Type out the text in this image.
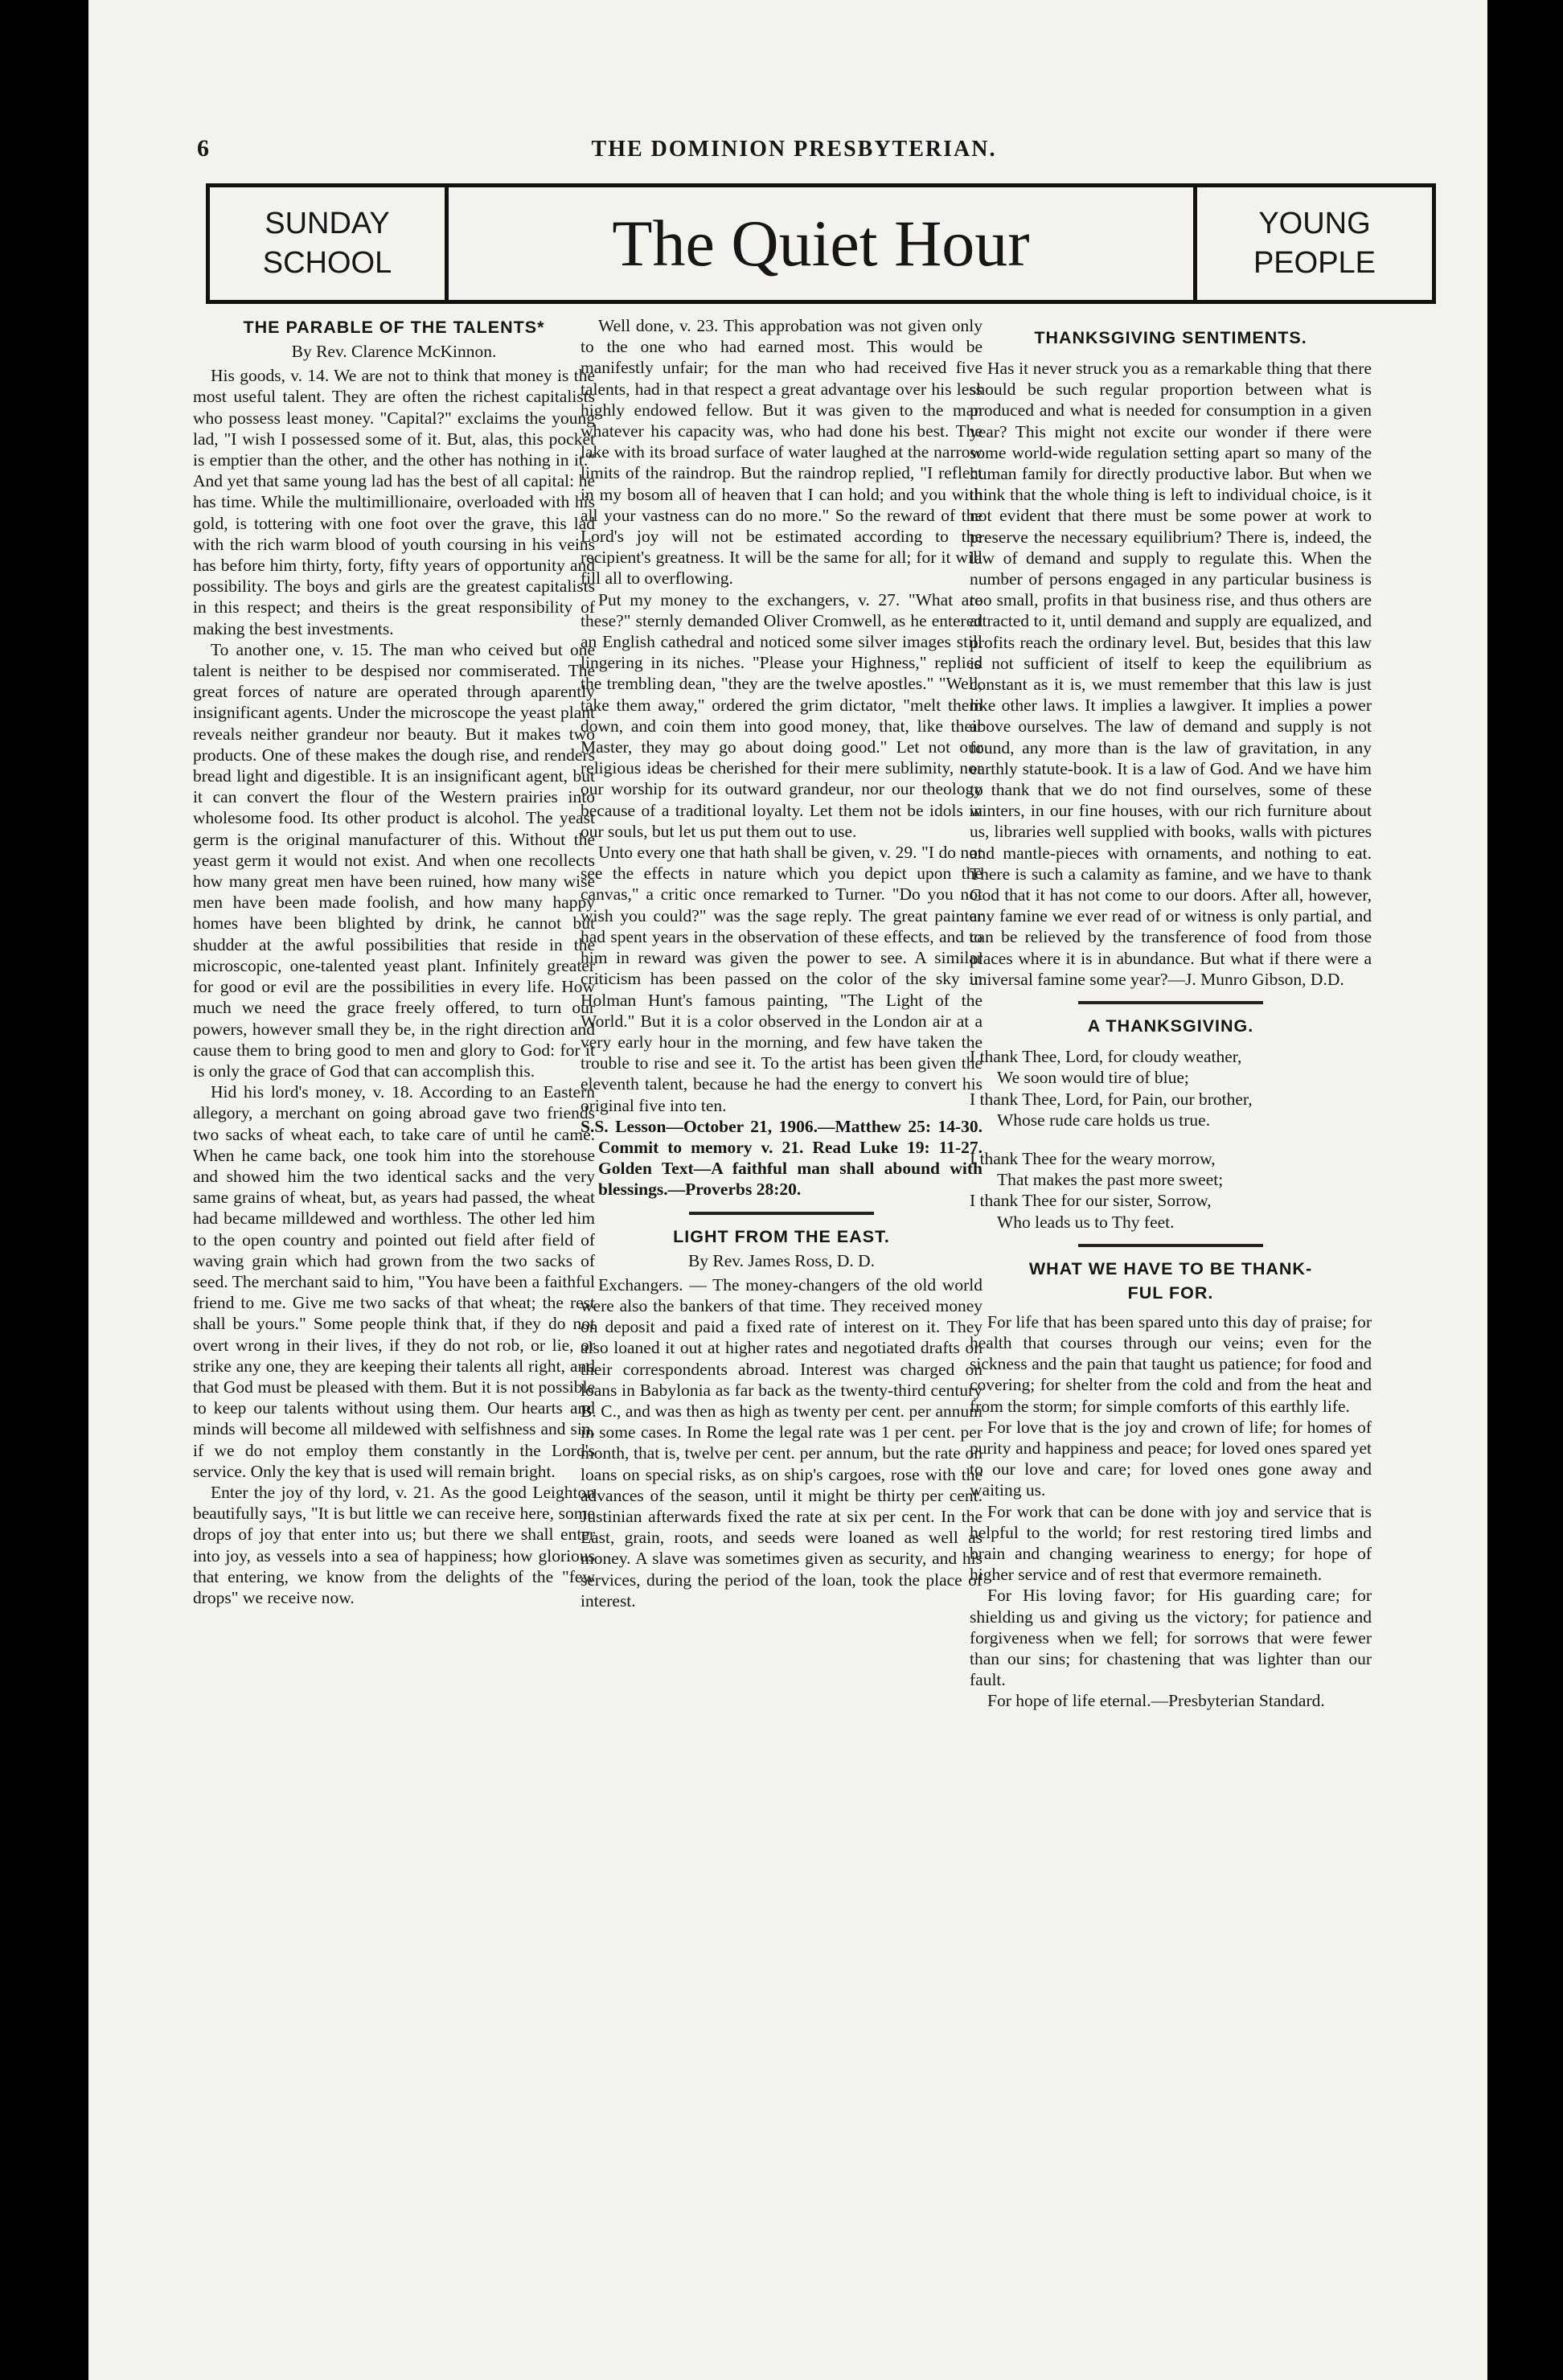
6	THE DOMINION PRESBYTERIAN.
SUNDAY
SCHOOL	The Quiet Hour	YOUNG
PEOPLE
THE PARABLE OF THE TALENTS*
By Rev. Clarence McKinnon.

His goods, v. 14. We are not to think that money is the most useful talent. They are often the richest capitalists who possess least money. "Capital?" exclaims the young lad, "I wish I possessed some of it. But, alas, this pocket is emptier than the other, and the other has nothing in it." And yet that same young lad has the best of all capital: he has time. While the multimillionaire, overloaded with his gold, is tottering with one foot over the grave, this lad with the rich warm blood of youth coursing in his veins has before him thirty, forty, fifty years of opportunity and possibility. The boys and girls are the greatest capitalists in this respect; and theirs is the great responsibility of making the best investments.

To another one, v. 15. The man who ceived but one talent is neither to be despised nor commiserated. The great forces of nature are operated through aparently insignificant agents. Under the microscope the yeast plant reveals neither grandeur nor beauty. But it makes two products. One of these makes the dough rise, and renders bread light and digestible. It is an insignificant agent, but it can convert the flour of the Western prairies into wholesome food. Its other product is alcohol. The yeast germ is the original manufacturer of this. Without the yeast germ it would not exist. And when one recollects how many great men have been ruined, how many wise men have been made foolish, and how many happy homes have been blighted by drink, he cannot but shudder at the awful possibilities that reside in the microscopic, one-talented yeast plant. Infinitely greater for good or evil are the possibilities in every life. How much we need the grace freely offered, to turn our powers, however small they be, in the right direction and cause them to bring good to men and glory to God: for it is only the grace of God that can accomplish this.

Hid his lord's money, v. 18. According to an Eastern allegory, a merchant on going abroad gave two friends two sacks of wheat each, to take care of until he came. When he came back, one took him into the storehouse and showed him the two identical sacks and the very same grains of wheat, but, as years had passed, the wheat had became milldewed and worthless. The other led him to the open country and pointed out field after field of waving grain which had grown from the two sacks of seed. The merchant said to him, "You have been a faithful friend to me. Give me two sacks of that wheat; the rest shall be yours." Some people think that, if they do not overt wrong in their lives, if they do not rob, or lie, or strike any one, they are keeping their talents all right, and that God must be pleased with them. But it is not possible to keep our talents without using them. Our hearts and minds will become all mildewed with selfishness and sin, if we do not employ them constantly in the Lord's service. Only the key that is used will remain bright.

Enter the joy of thy lord, v. 21. As the good Leighton beautifully says, "It is but little we can receive here, some drops of joy that enter into us; but there we shall enter into joy, as vessels into a sea of happiness; how glorious that entering, we know from the delights of the "few drops" we receive now.

Well done, v. 23. This approbation was not given only to the one who had earned most. This would be manifestly unfair; for the man who had received five talents, had in that respect a great advantage over his less highly endowed fellow. But it was given to the man whatever his capacity was, who had done his best. The lake with its broad surface of water laughed at the narrow limits of the raindrop. But the raindrop replied, "I reflect in my bosom all of heaven that I can hold; and you with all your vastness can do no more." So the reward of the Lord's joy will not be estimated according to the recipient's greatness. It will be the same for all; for it will fill all to overflowing.

Put my money to the exchangers, v. 27. "What are these?" sternly demanded Oliver Cromwell, as he entered an English cathedral and noticed some silver images still lingering in its niches. "Please your Highness," replied the trembling dean, "they are the twelve apostles." "Well, take them away," ordered the grim dictator, "melt them down, and coin them into good money, that, like their Master, they may go about doing good." Let not our religious ideas be cherished for their mere sublimity, nor our worship for its outward grandeur, nor our theology because of a traditional loyalty. Let them not be idols in our souls, but let us put them out to use.

Unto every one that hath shall be given, v. 29. "I do not see the effects in nature which you depict upon the canvas," a critic once remarked to Turner. "Do you not wish you could?" was the sage reply. The great painter had spent years in the observation of these effects, and to him in reward was given the power to see. A similar criticism has been passed on the color of the sky in Holman Hunt's famous painting, "The Light of the World." But it is a color observed in the London air at a very early hour in the morning, and few have taken the trouble to rise and see it. To the artist has been given the eleventh talent, because he had the energy to convert his original five into ten.

S.S. Lesson—October 21, 1906.—Matthew 25: 14-30. Commit to memory v. 21. Read Luke 19: 11-27. Golden Text—A faithful man shall abound with blessings.—Proverbs 28:20.

LIGHT FROM THE EAST.
By Rev. James Ross, D. D.

Exchangers. — The money-changers of the old world were also the bankers of that time. They received money on deposit and paid a fixed rate of interest on it. They also loaned it out at higher rates and negotiated drafts on their correspondents abroad. Interest was charged on loans in Babylonia as far back as the twenty-third century B. C., and was then as high as twenty per cent. per annum in some cases. In Rome the legal rate was 1 per cent. per month, that is, twelve per cent. per annum, but the rate on loans on special risks, as on ship's cargoes, rose with the advances of the season, until it might be thirty per cent. Justinian afterwards fixed the rate at six per cent. In the East, grain, roots, and seeds were loaned as well as money. A slave was sometimes given as security, and his services, during the period of the loan, took the place of interest.

THANKSGIVING SENTIMENTS.

Has it never struck you as a remarkable thing that there should be such regular proportion between what is produced and what is needed for consumption in a given year? This might not excite our wonder if there were some world-wide regulation setting apart so many of the human family for directly productive labor. But when we think that the whole thing is left to individual choice, is it not evident that there must be some power at work to preserve the necessary equilibrium? There is, indeed, the law of demand and supply to regulate this. When the number of persons engaged in any particular business is too small, profits in that business rise, and thus others are attracted to it, until demand and supply are equalized, and profits reach the ordinary level. But, besides that this law is not sufficient of itself to keep the equilibrium as constant as it is, we must remember that this law is just like other laws. It implies a lawgiver. It implies a power above ourselves. The law of demand and supply is not found, any more than is the law of gravitation, in any earthly statute-book. It is a law of God. And we have him to thank that we do not find ourselves, some of these winters, in our fine houses, with our rich furniture about us, libraries well supplied with books, walls with pictures and mantle-pieces with ornaments, and nothing to eat. There is such a calamity as famine, and we have to thank God that it has not come to our doors. After all, however, any famine we ever read of or witness is only partial, and can be relieved by the transference of food from those places where it is in abundance. But what if there were a universal famine some year?—J. Munro Gibson, D.D.

A THANKSGIVING.
I thank Thee, Lord, for cloudy weather,
We soon would tire of blue;
I thank Thee, Lord, for Pain, our brother,
Whose rude care holds us true.
I thank Thee for the weary morrow,
That makes the past more sweet;
I thank Thee for our sister, Sorrow,
Who leads us to Thy feet.
WHAT WE HAVE TO BE THANK-
FUL FOR.

For life that has been spared unto this day of praise; for health that courses through our veins; even for the sickness and the pain that taught us patience; for food and covering; for shelter from the cold and from the heat and from the storm; for simple comforts of this earthly life.

For love that is the joy and crown of life; for homes of purity and happiness and peace; for loved ones spared yet to our love and care; for loved ones gone away and waiting us.

For work that can be done with joy and service that is helpful to the world; for rest restoring tired limbs and brain and changing weariness to energy; for hope of higher service and of rest that evermore remaineth.

For His loving favor; for His guarding care; for shielding us and giving us the victory; for patience and forgiveness when we fell; for sorrows that were fewer than our sins; for chastening that was lighter than our fault.

For hope of life eternal.—Presbyterian Standard.
